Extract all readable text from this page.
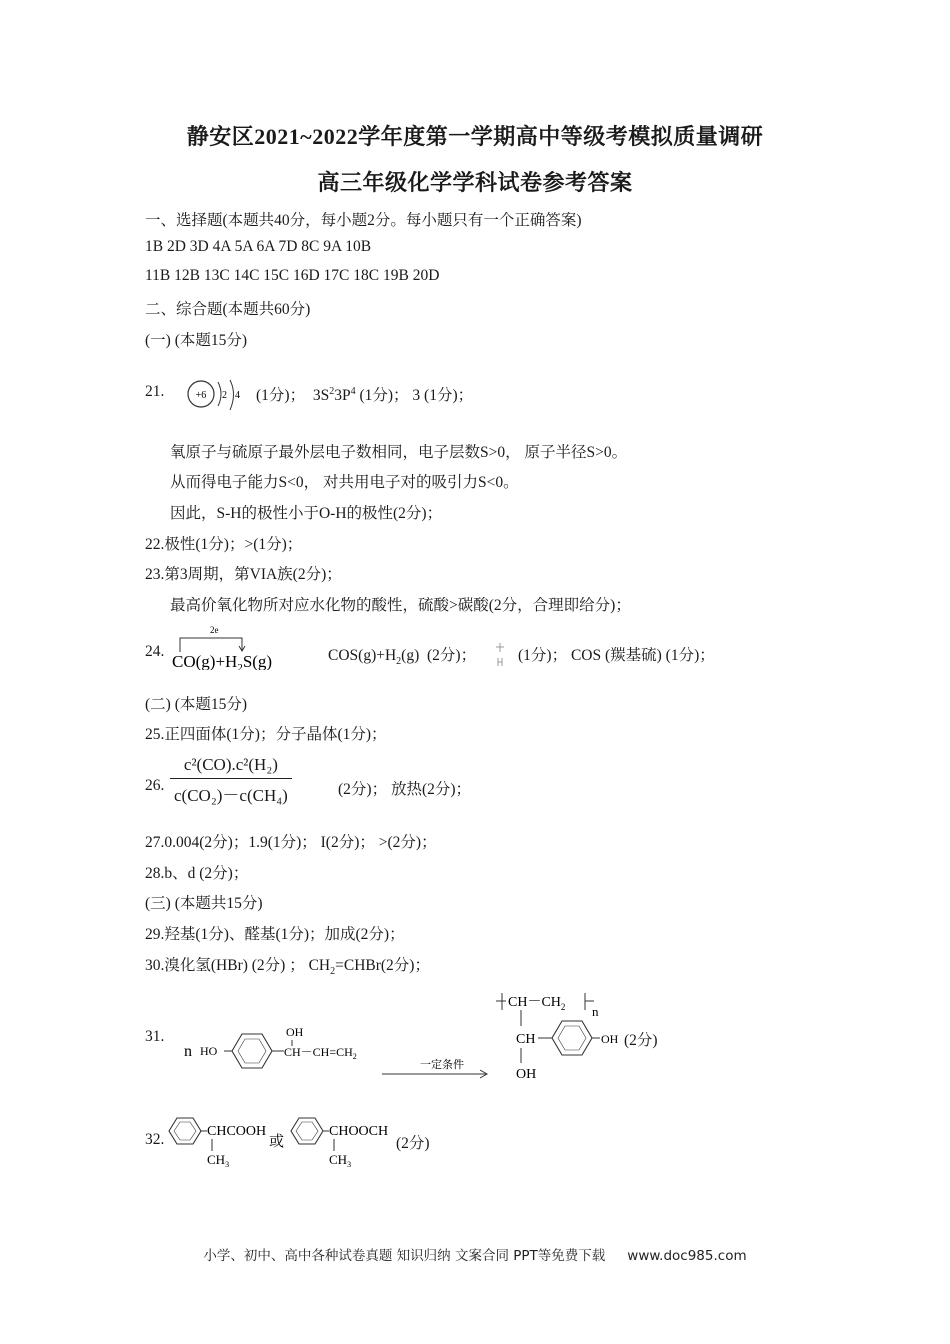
静安区2021~2022学年度第一学期高中等级考模拟质量调研
高三年级化学学科试卷参考答案
一、选择题(本题共40分，每小题2分。每小题只有一个正确答案)
1B 2D 3D 4A 5A 6A 7D 8C 9A 10B
11B 12B 13C 14C 15C 16D 17C 18C 19B 20D
二、综合题(本题共60分)
(一) (本题15分)
21.	+6 2 4 (1分)； $3S^23P^4$ (1分)； 3 (1分)；
氧原子与硫原子最外层电子数相同，电子层数S>0， 原子半径S>0。
从而得电子能力S<0， 对共用电子对的吸引力S<0。
因此，S-H的极性小于O-H的极性(2分)；
22.极性(1分)；>(1分)；
23.第3周期，第VIA族(2分)；
最高价氧化物所对应水化物的酸性，硫酸>碳酸(2分，合理即给分)；
24.
2e
$CO(g)+H_2S(g)$	$COS(g)+H_2(g)$ (2分)；	(1分)； COS (羰基硫) (1分)；
(二) (本题15分)
25.正四面体(1分)；分子晶体(1分)；
26. $\frac{\text{c²(CO).c²(H₂)}}{\text{c(CO₂)－c(CH₄)}}$	(2分)； 放热(2分)；
27.0.004(2分)；1.9(1分)； I(2分)； >(2分)；
28.b、d (2分)；
(三) (本题共15分)
29.羟基(1分)、醛基(1分)；加成(2分)；
30.溴化氢(HBr) (2分) ； $CH_2=CHBr(2$分)；
31.
n HO
OH
$CH-CH=CH_2$
一定条件
$CH-CH_2$ n
CH	OH
OH
(2分)
32.	CHCOOH
$CH_3$
或
CHOOCH
$CH_3$
(2分)
小学、初中、高中各种试卷真题 知识归纳 文案合同 PPT等免费下载 www.doc985.com
